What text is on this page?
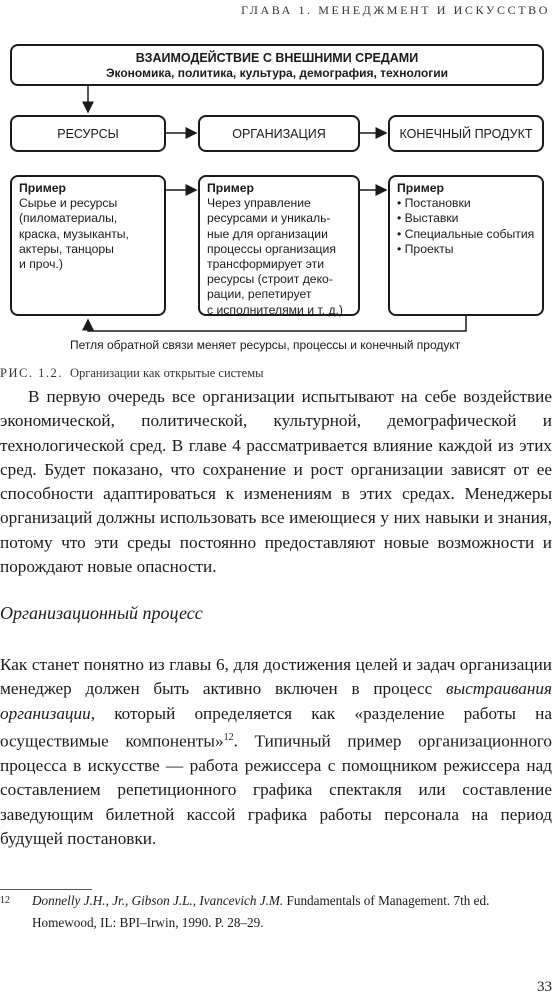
ГЛАВА 1. МЕНЕДЖМЕНТ И ИСКУССТВО
ВЗАИМОДЕЙСТВИЕ С ВНЕШНИМИ СРЕДАМИ
Экономика, политика, культура, демография, технологии
РЕСУРСЫ	ОРГАНИЗАЦИЯ	КОНЕЧНЫЙ ПРОДУКТ
Пример
Сырье и ресурсы
(пиломатериалы,
краска, музыканты,
актеры, танцоры
и проч.)
Пример
Через управление
ресурсами и уникаль-
ные для организации
процессы организация
трансформирует эти
ресурсы (строит деко-
рации, репетирует
с исполнителями и т. д.)
Пример
• Постановки
• Выставки
• Специальные события
• Проекты
Петля обратной связи меняет ресурсы, процессы и конечный продукт
РИС. 1.2. Организации как открытые системы

В первую очередь все организации испытывают на себе воздействие экономической, политической, культурной, демографической и технологической сред. В главе 4 рассматривается влияние каждой из этих сред. Будет показано, что сохранение и рост организации зависят от ее способности адаптироваться к изменениям в этих средах. Менеджеры организаций должны использовать все имеющиеся у них навыки и знания, потому что эти среды постоянно предоставляют новые возможности и порождают новые опасности.

Организационный процесс

Как станет понятно из главы 6, для достижения целей и задач организации менеджер должен быть активно включен в процесс выстраивания организации, который определяется как «разделение работы на осуществимые компоненты»$^{12}$. Типичный пример организационного процесса в искусстве — работа режиссера с помощником режиссера над составлением репетиционного графика спектакля или составление заведующим билетной кассой графика работы персонала на период будущей постановки.

12 Donnelly J.H., Jr., Gibson J.L., Ivancevich J.M. Fundamentals of Management. 7th ed.
Homewood, IL: BPI–Irwin, 1990. P. 28–29.

33
